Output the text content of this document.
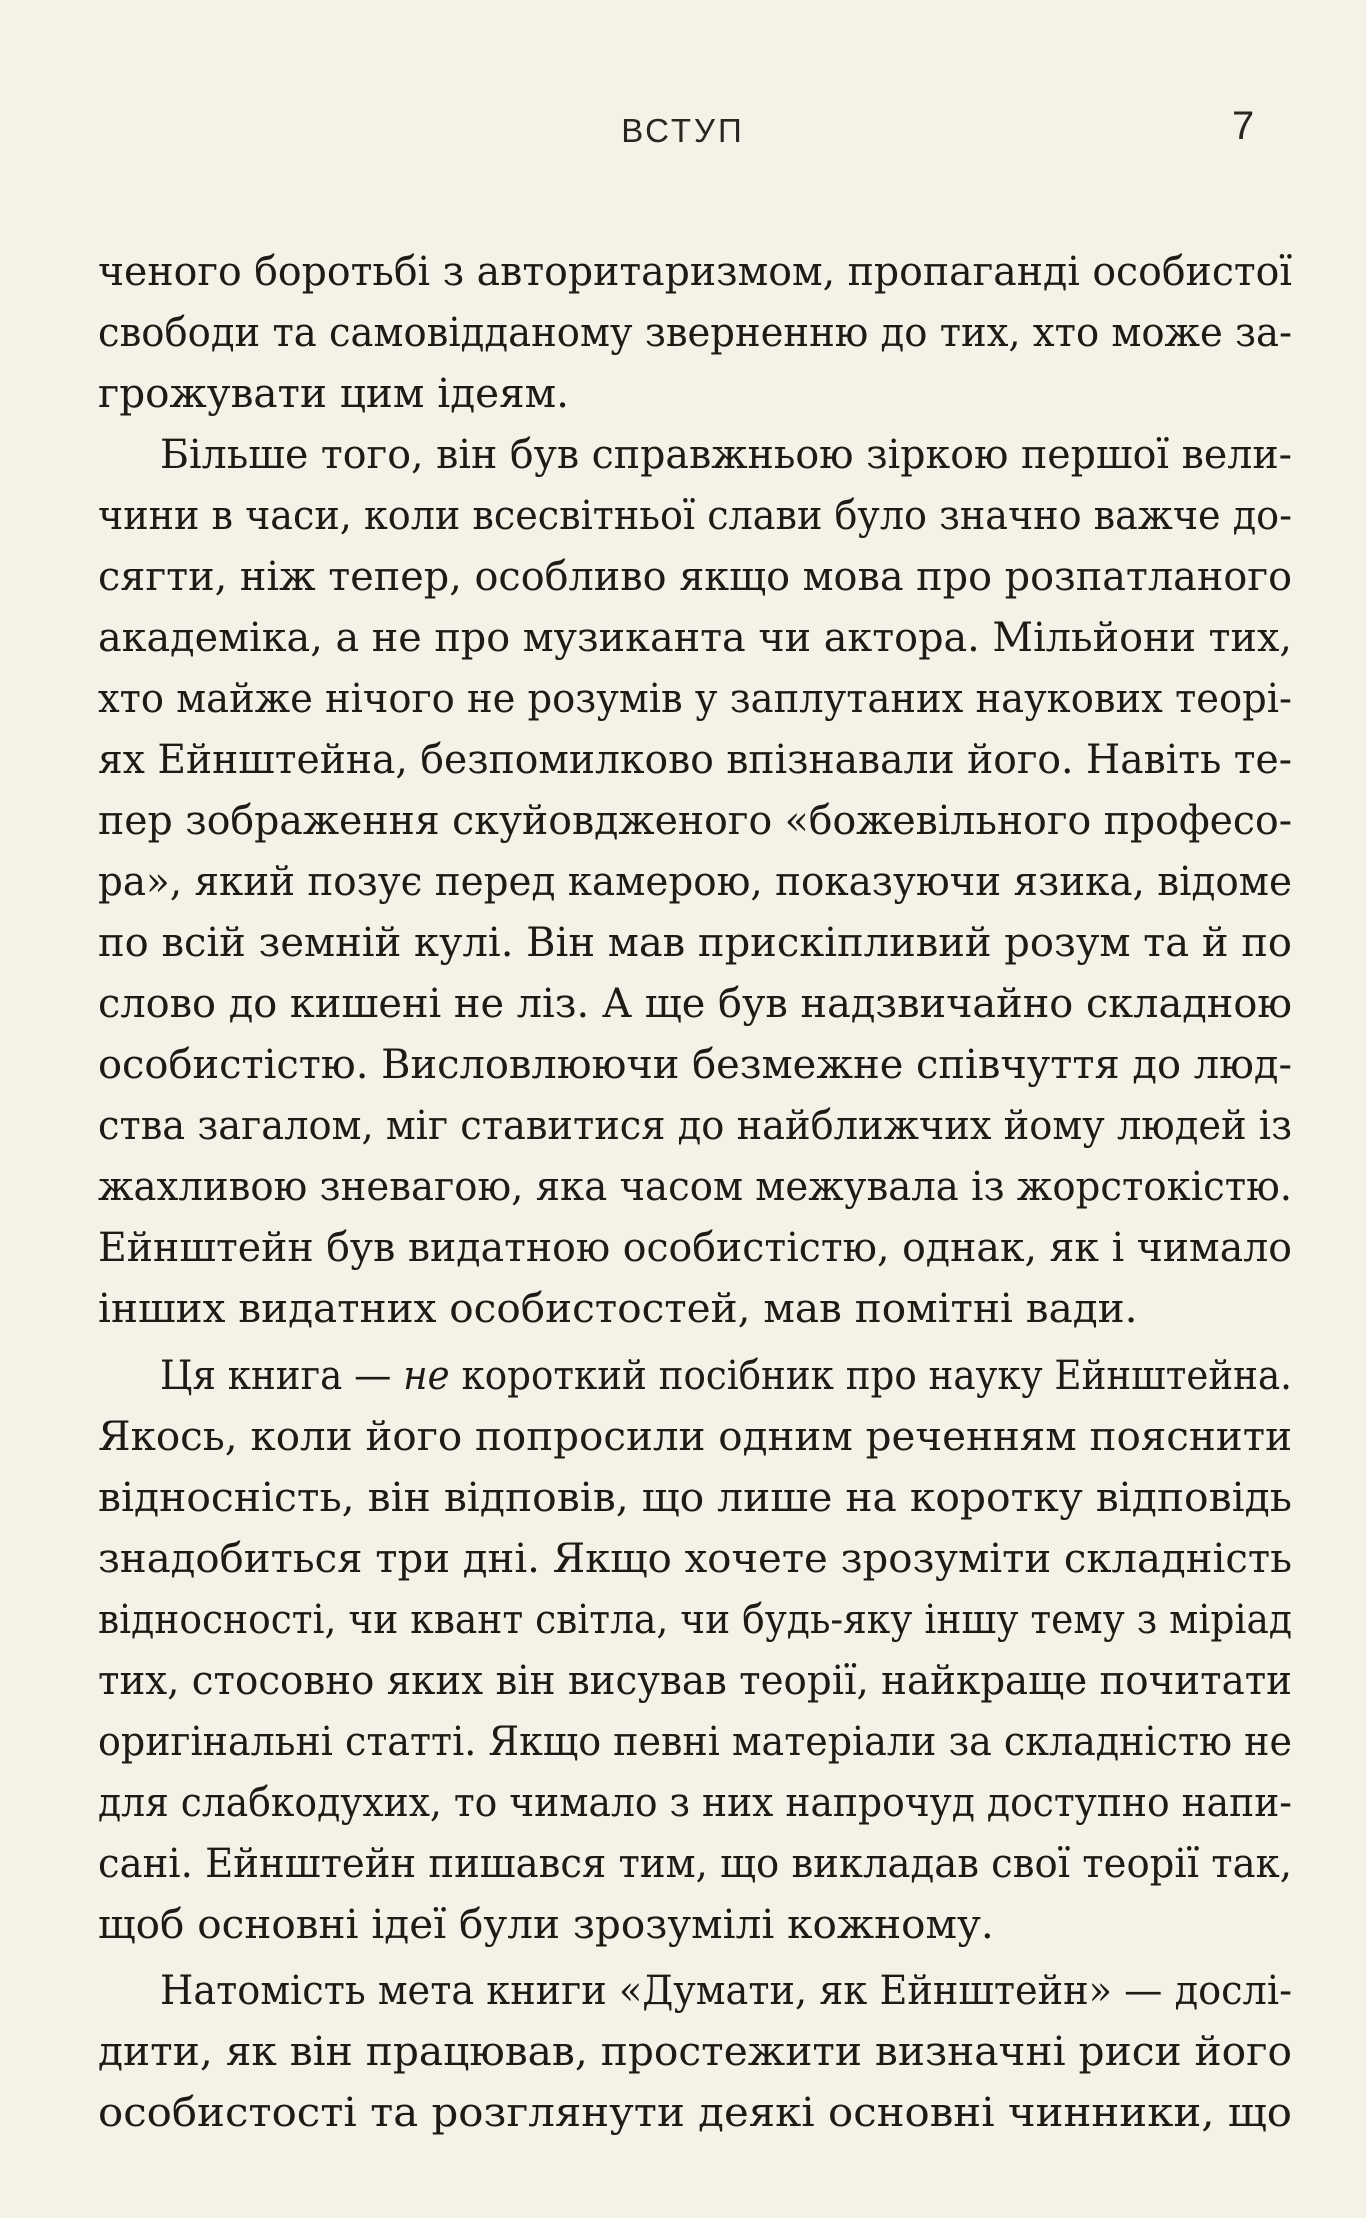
ВСТУП	7
ченого боротьбі з авторитаризмом, пропаганді особистої
свободи та самовідданому зверненню до тих, хто може за-
грожувати цим ідеям.
Більше того, він був справжньою зіркою першої вели-
чини в часи, коли всесвітньої слави було значно важче до-
сягти, ніж тепер, особливо якщо мова про розпатланого
академіка, а не про музиканта чи актора. Мільйони тих,
хто майже нічого не розумів у заплутаних наукових теорі-
ях Ейнштейна, безпомилково впізнавали його. Навіть те-
пер зображення скуйовдженого «божевільного професо-
ра», який позує перед камерою, показуючи язика, відоме
по всій земній кулі. Він мав прискіпливий розум та й по
слово до кишені не ліз. А ще був надзвичайно складною
особистістю. Висловлюючи безмежне співчуття до люд-
ства загалом, міг ставитися до найближчих йому людей із
жахливою зневагою, яка часом межувала із жорстокістю.
Ейнштейн був видатною особистістю, однак, як і чимало
інших видатних особистостей, мав помітні вади.
Ця книга — не короткий посібник про науку Ейнштейна.
Якось, коли його попросили одним реченням пояснити
відносність, він відповів, що лише на коротку відповідь
знадобиться три дні. Якщо хочете зрозуміти складність
відносності, чи квант світла, чи будь-яку іншу тему з міріад
тих, стосовно яких він висував теорії, найкраще почитати
оригінальні статті. Якщо певні матеріали за складністю не
для слабкодухих, то чимало з них напрочуд доступно напи-
сані. Ейнштейн пишався тим, що викладав свої теорії так,
щоб основні ідеї були зрозумілі кожному.
Натомість мета книги «Думати, як Ейнштейн» — дослі-
дити, як він працював, простежити визначні риси його
особистості та розглянути деякі основні чинники, що
